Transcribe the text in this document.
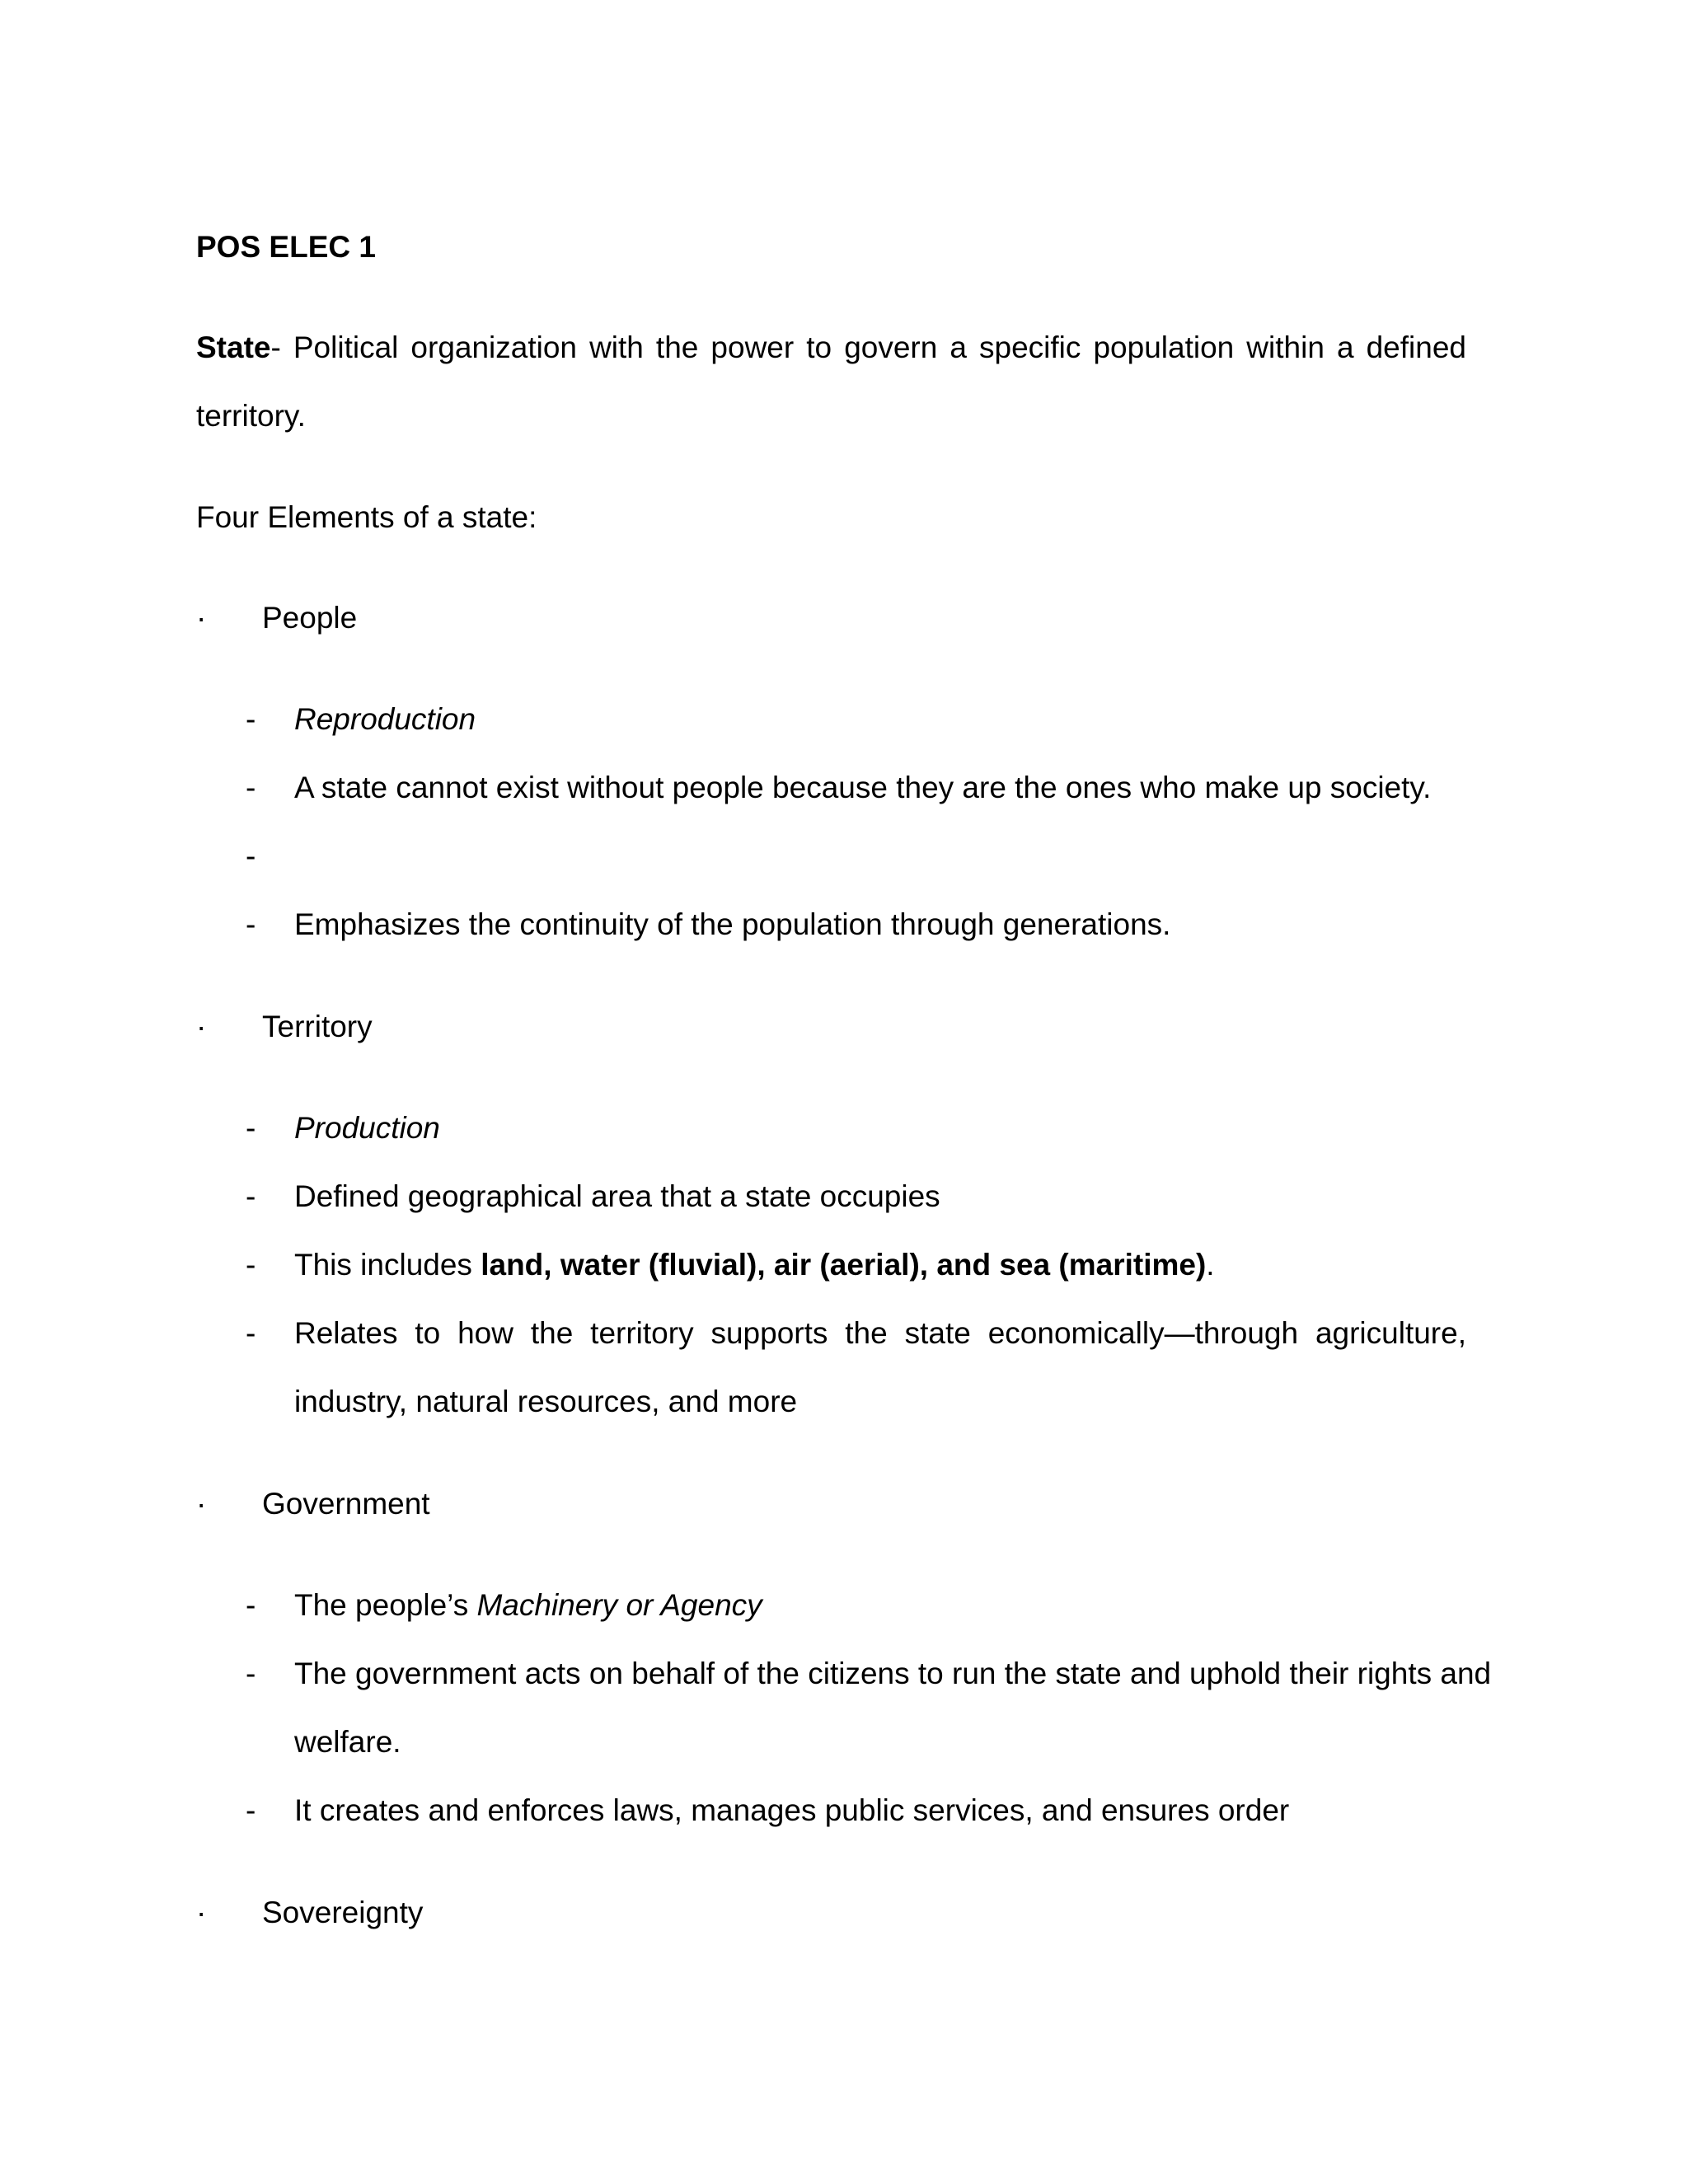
POS ELEC 1
State- Political organization with the power to govern a specific population within a defined
territory.
Four Elements of a state:
· People
- Reproduction
- A state cannot exist without people because they are the ones who make up society.
-
- Emphasizes the continuity of the population through generations.
· Territory
- Production
- Defined geographical area that a state occupies
- This includes land, water (fluvial), air (aerial), and sea (maritime).
- Relates to how the territory supports the state economically—through agriculture,
industry, natural resources, and more
· Government
- The people’s Machinery or Agency
- The government acts on behalf of the citizens to run the state and uphold their rights and
welfare.
- It creates and enforces laws, manages public services, and ensures order
· Sovereignty
